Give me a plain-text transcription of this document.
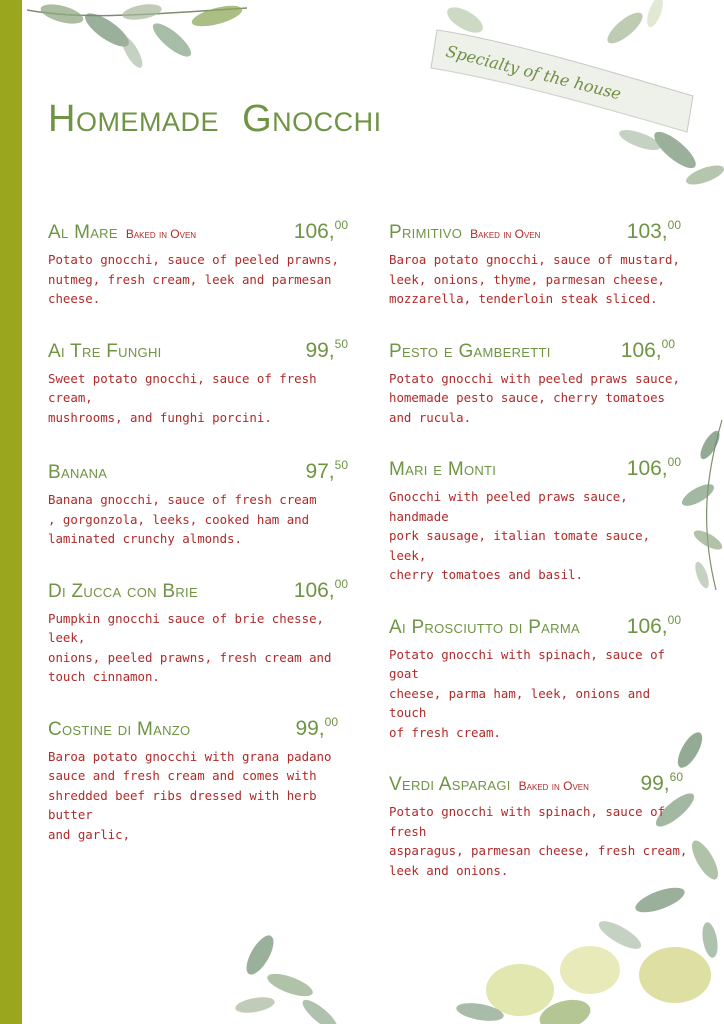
Specialty of the house
Homemade Gnocchi
Al Mare Baked in Oven	106,00
Potato gnocchi, sauce of peeled prawns,
nutmeg, fresh cream, leek and parmesan
cheese.
Ai Tre Funghi	99,50
Sweet potato gnocchi, sauce of fresh cream,
mushrooms, and funghi porcini.
Banana	97,50
Banana gnocchi, sauce of fresh cream
, gorgonzola, leeks, cooked ham and
laminated crunchy almonds.
Di Zucca con Brie	106,00
Pumpkin gnocchi sauce of brie chesse, leek,
onions, peeled prawns, fresh cream and
touch cinnamon.
Costine di Manzo	99,00
Baroa potato gnocchi with grana padano
sauce and fresh cream and comes with
shredded beef ribs dressed with herb butter
and garlic,
Primitivo Baked in Oven	103,00
Baroa potato gnocchi, sauce of mustard,
leek, onions, thyme, parmesan cheese,
mozzarella, tenderloin steak sliced.
Pesto e Gamberetti	106,00
Potato gnocchi with peeled praws sauce,
homemade pesto sauce, cherry tomatoes
and rucula.
Mari e Monti	106,00
Gnocchi with peeled praws sauce, handmade
pork sausage, italian tomate sauce, leek,
cherry tomatoes and basil.
Ai Prosciutto di Parma 106,00
Potato gnocchi with spinach, sauce of goat
cheese, parma ham, leek, onions and touch
of fresh cream.
Verdi Asparagi Baked in Oven 99,60
Potato gnocchi with spinach, sauce of fresh
asparagus, parmesan cheese, fresh cream,
leek and onions.
